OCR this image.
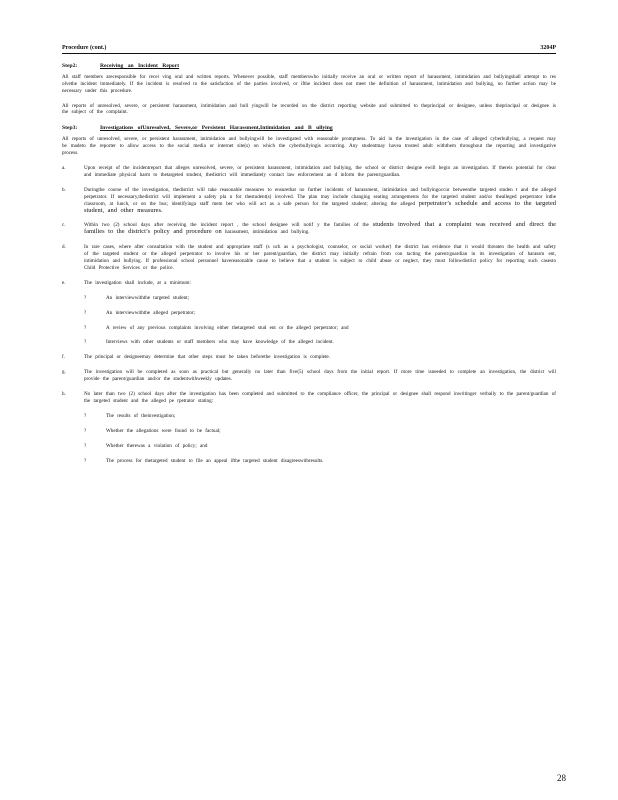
Procedure (cont.)	3204P
Step2:	Receiving an Incident Report

All staff members arecesponsible for recei ving oral and written reports. Whenever possible, staff memberswho initially receive an oral or written report of harassment, intimidation and bullyingshall attempt to res olvethe incident immediately. If the incident is resolved to the satisfaction of the parties involved, or ifthe incident does not meet the definition of harassment, intimidation and bullying, no further action may be necessary under this procedure.

All reports of unresolved, severe, or persistent harassment, intimidation and bull yingwill be recorded on the district reporting website and submitted to theprincipal or designee, unless theprincipal or designee is the subject of the complaint.

Step3:	Investigations ofUnresolved, Severe,or Persistent Harassment,Intimidation and B ullying

All reports of unresolved, severe, or persistent harassment, intimidation and bullyingwill be investigated with reasonable promptness. To aid in the investigation in the case of alleged cyberbullying, a request may be madeto the reporter to allow access to the social media or internet site(s) on which the cyberbullyingis occurring. Any studentmay havea trusted adult withthem throughout the reporting and investigative process.

a.	Upon receipt of the incidentreport that alleges unresolved, severe, or persistent harassment, intimidation and bullying, the school or district designe ewill begin an investigation. If thereis potential for clear and immediate physical harm to thetargeted student, thedistrict will immediately contact law enforcement an d inform the parent/guardian.
b.	Duringthe course of the investigation, thedistrict will take reasonable measures to ensurethat no further incidents of harassment, intimidation and bullyingoccur betweenthe targeted studen t and the alleged perpetrator. If necessary,thedistrict will implement a safety pla n for thestudent(s) involved. The plan may include changing seating arrangements for the targeted student and/or thealleged perpetrator inthe classroom, at lunch, or on the bus; identifyinga staff mem ber who will act as a safe person for the targeted student; altering the alleged perpetrator’s schedule and access to the targeted student, and other measures.
c.	Within two (2) school days after receiving the incident report , the school designee will notif y the families of the students involved that a complaint was received and direct the families to the district’s policy and procedure on harassment, intimidation and bullying.
d.	In rare cases, where after consultation with the student and appropriate staff (s uch as a psychologist, counselor, or social worker) the district has evidence that it would threaten the health and safety of the targeted student or the alleged perpetrator to involve his or her parent/guardian, the district may initially refrain from con tacting the parent/guardian in its investigation of harassm ent, intimidation and bullying. If professional school personnel havereasonable cause to believe that a student is subject to child abuse or neglect, they must followdistrict policy for reporting such casesto Child Protective Services or the police.
e.	The investigation shall include, at a minimum:
?	An interviewwiththe targeted student;
?	An interviewwiththe alleged perpetrator;
?	A review of any previous complaints involving either thetargeted stud ent or the alleged perpetrator; and
?	Interviews with other students or staff members who may have knowledge of the alleged incident.
f.	The principal or designeemay determine that other steps must be taken beforethe investigation is complete.
g.	The investigation will be completed as soon as practical but generally no later than five(5) school days from the initial report. If more time isneeded to complete an investigation, the district will provide the parent/guardian and/or the studentwithweekly updates.
h.	No later than two (2) school days after the investigation has been completed and submitted to the compliance officer, the principal or designee shall respond inwritinger verbally to the parent/guardian of the targeted student and the alleged pe rpetrator stating:
?	The results of theinvestigation;
?	Whether the allegations were found to be factual;
?	Whether therewas a violation of policy; and
?	The process for thetargeted student to file an appeal ifthe targeted student disagreeswithresults.
28
